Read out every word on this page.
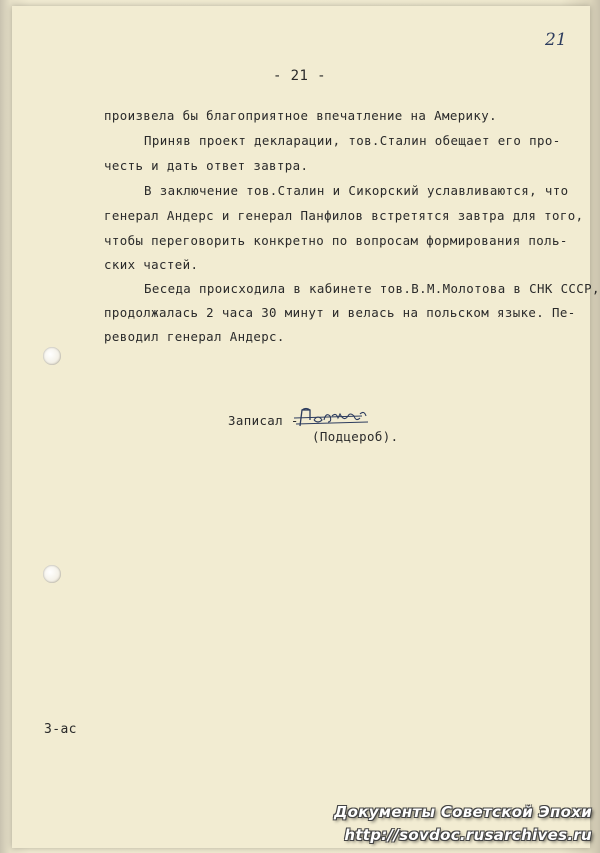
21
- 21 -
произвела бы благоприятное впечатление на Америку.
Приняв проект декларации, тов.Сталин обещает его про-
честь и дать ответ завтра.
В заключение тов.Сталин и Сикорский уславливаются, что
генерал Андерс и генерал Панфилов встретятся завтра для того,
чтобы переговорить конкретно по вопросам формирования поль-
ских частей.
Беседа происходила в кабинете тов.В.М.Молотова в СНК СССР,
продолжалась 2 часа 30 минут и велась на польском языке. Пе-
реводил генерал Андерс.
Записал -
(Подцероб).
3-ас
Документы Советской Эпохи
http://sovdoc.rusarchives.ru
